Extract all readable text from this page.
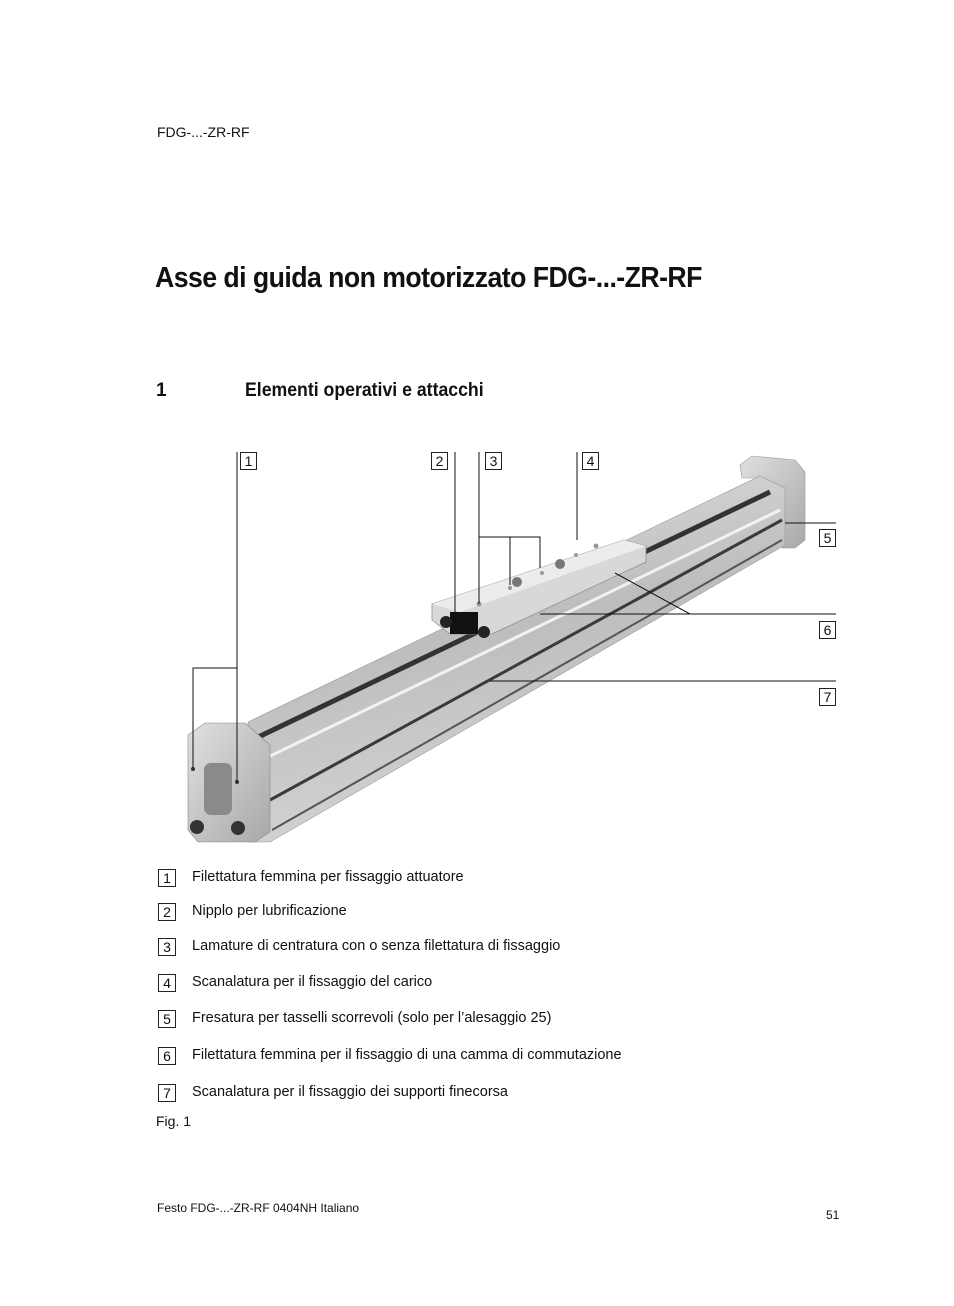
FDG-...-ZR-RF
Asse di guida non motorizzato FDG-...-ZR-RF
1	Elementi operativi e attacchi
1	2	3	4
5
6
7
1	Filettatura femmina per fissaggio attuatore
2	Nipplo per lubrificazione
3	Lamature di centratura con o senza filettatura di fissaggio
4	Scanalatura per il fissaggio del carico
5	Fresatura per tasselli scorrevoli (solo per l’alesaggio 25)
6	Filettatura femmina per il fissaggio di una camma di commutazione
7	Scanalatura per il fissaggio dei supporti finecorsa
Fig. 1
Festo FDG-...-ZR-RF 0404NH Italiano	51
